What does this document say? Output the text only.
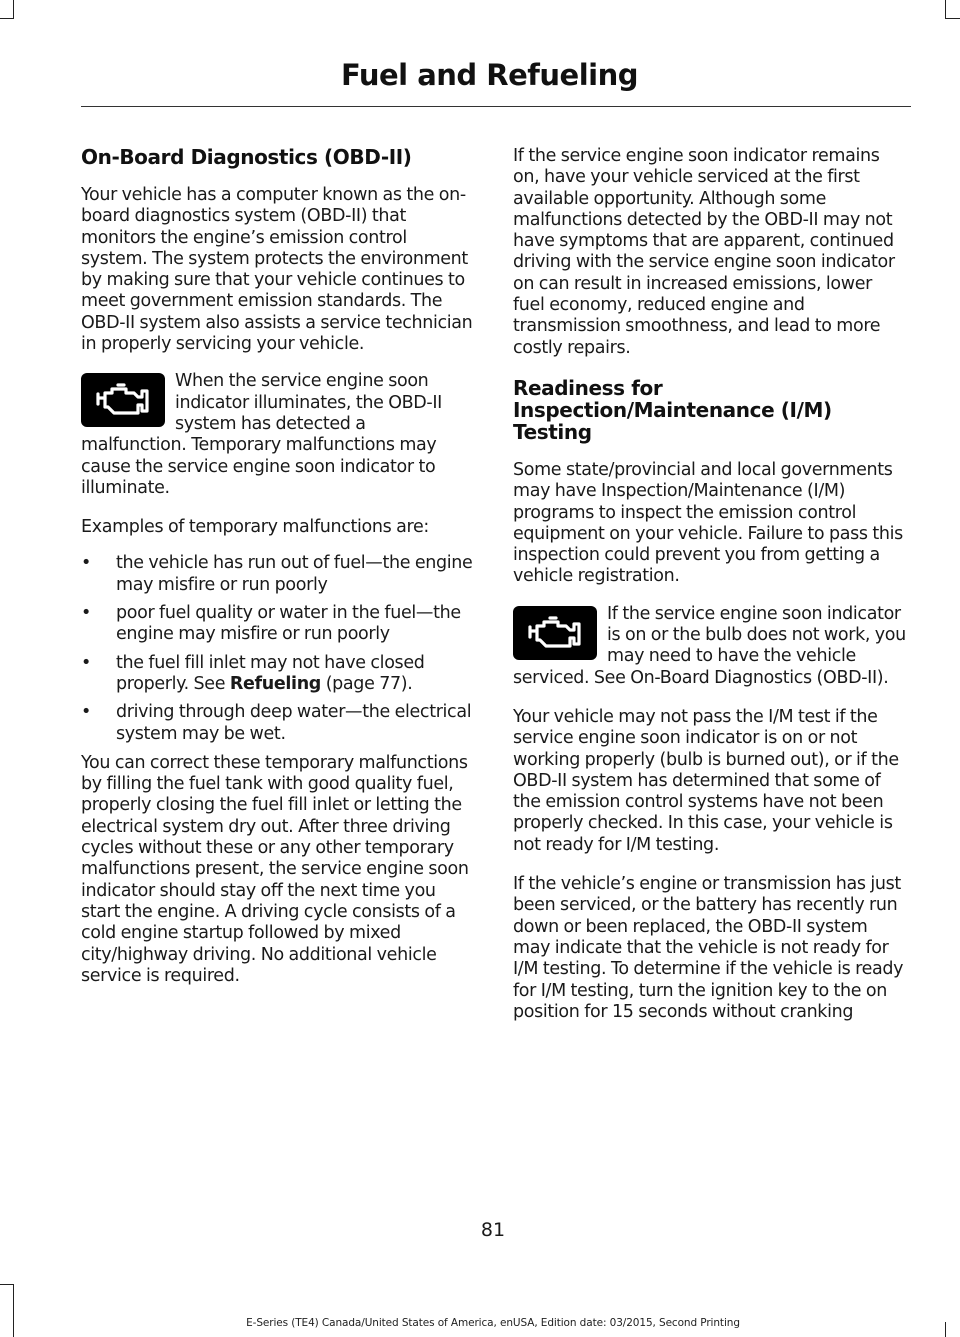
Fuel and Refueling
On-Board Diagnostics (OBD-II)

Your vehicle has a computer known as the on-board diagnostics system (OBD-II) that monitors the engine’s emission control system. The system protects the environment by making sure that your vehicle continues to meet government emission standards. The OBD-II system also assists a service technician in properly servicing your vehicle.

When the service engine soon indicator illuminates, the OBD-II system has detected a malfunction. Temporary malfunctions may cause the service engine soon indicator to illuminate.

Examples of temporary malfunctions are:

• the vehicle has run out of fuel—the engine may misfire or run poorly
• poor fuel quality or water in the fuel—the engine may misfire or run poorly
• the fuel fill inlet may not have closed properly. See Refueling (page 77).
• driving through deep water—the electrical system may be wet.

You can correct these temporary malfunctions by filling the fuel tank with good quality fuel, properly closing the fuel fill inlet or letting the electrical system dry out. After three driving cycles without these or any other temporary malfunctions present, the service engine soon indicator should stay off the next time you start the engine. A driving cycle consists of a cold engine startup followed by mixed city/highway driving. No additional vehicle service is required.

If the service engine soon indicator remains on, have your vehicle serviced at the first available opportunity. Although some malfunctions detected by the OBD-II may not have symptoms that are apparent, continued driving with the service engine soon indicator on can result in increased emissions, lower fuel economy, reduced engine and transmission smoothness, and lead to more costly repairs.

Readiness for Inspection/Maintenance (I/M) Testing

Some state/provincial and local governments may have Inspection/Maintenance (I/M) programs to inspect the emission control equipment on your vehicle. Failure to pass this inspection could prevent you from getting a vehicle registration.

If the service engine soon indicator is on or the bulb does not work, you may need to have the vehicle serviced. See On-Board Diagnostics (OBD-II).

Your vehicle may not pass the I/M test if the service engine soon indicator is on or not working properly (bulb is burned out), or if the OBD-II system has determined that some of the emission control systems have not been properly checked. In this case, your vehicle is not ready for I/M testing.

If the vehicle’s engine or transmission has just been serviced, or the battery has recently run down or been replaced, the OBD-II system may indicate that the vehicle is not ready for I/M testing. To determine if the vehicle is ready for I/M testing, turn the ignition key to the on position for 15 seconds without cranking

81
E-Series (TE4) Canada/United States of America, enUSA, Edition date: 03/2015, Second Printing
